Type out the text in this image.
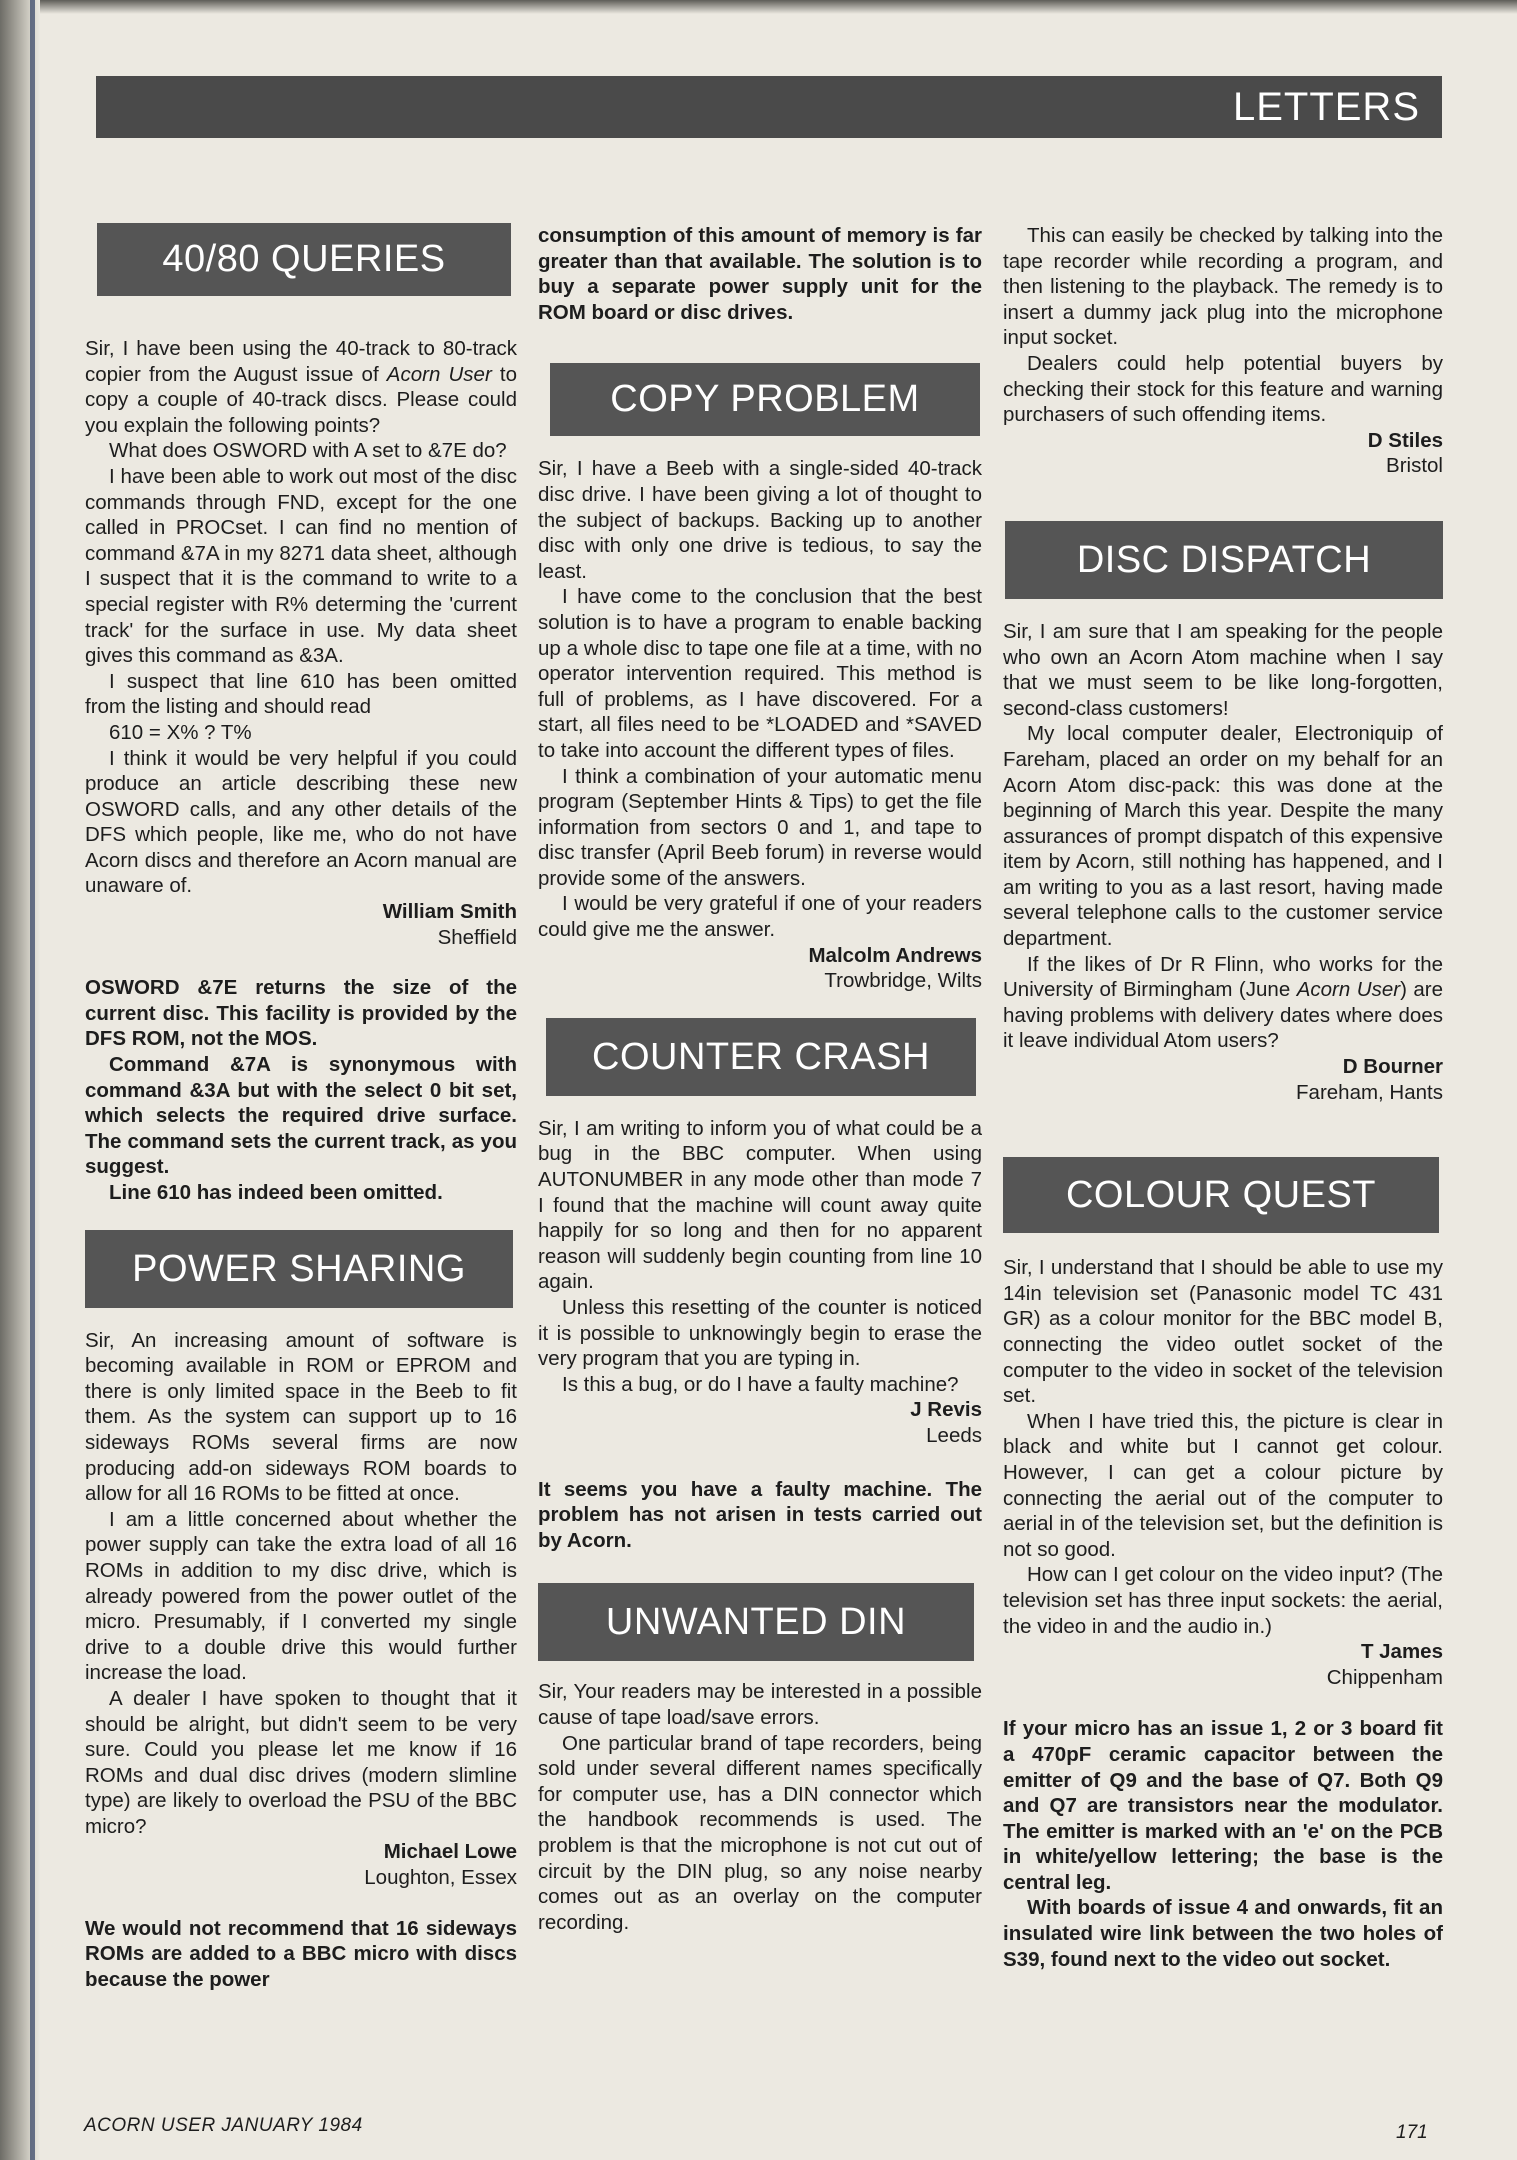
LETTERS
40/80 QUERIES

Sir, I have been using the 40-track to 80-track copier from the August issue of Acorn User to copy a couple of 40-track discs. Please could you explain the following points?

What does OSWORD with A set to &7E do?

I have been able to work out most of the disc commands through FND, except for the one called in PROCset. I can find no mention of command &7A in my 8271 data sheet, although I suspect that it is the command to write to a special register with R% determing the 'current track' for the surface in use. My data sheet gives this command as &3A.

I suspect that line 610 has been omitted from the listing and should read

610 = X% ? T%

I think it would be very helpful if you could produce an article describing these new OSWORD calls, and any other details of the DFS which people, like me, who do not have Acorn discs and therefore an Acorn manual are unaware of.

William Smith
Sheffield

OSWORD &7E returns the size of the current disc. This facility is provided by the DFS ROM, not the MOS.

Command &7A is synonymous with command &3A but with the select 0 bit set, which selects the required drive surface. The command sets the current track, as you suggest.

Line 610 has indeed been omitted.

POWER SHARING

Sir, An increasing amount of software is becoming available in ROM or EPROM and there is only limited space in the Beeb to fit them. As the system can support up to 16 sideways ROMs several firms are now producing add-on sideways ROM boards to allow for all 16 ROMs to be fitted at once.

I am a little concerned about whether the power supply can take the extra load of all 16 ROMs in addition to my disc drive, which is already powered from the power outlet of the micro. Presumably, if I converted my single drive to a double drive this would further increase the load.

A dealer I have spoken to thought that it should be alright, but didn't seem to be very sure. Could you please let me know if 16 ROMs and dual disc drives (modern slimline type) are likely to overload the PSU of the BBC micro?

Michael Lowe
Loughton, Essex

We would not recommend that 16 sideways ROMs are added to a BBC micro with discs because the power

consumption of this amount of memory is far greater than that available. The solution is to buy a separate power supply unit for the ROM board or disc drives.

COPY PROBLEM

Sir, I have a Beeb with a single-sided 40-track disc drive. I have been giving a lot of thought to the subject of backups. Backing up to another disc with only one drive is tedious, to say the least.

I have come to the conclusion that the best solution is to have a program to enable backing up a whole disc to tape one file at a time, with no operator intervention required. This method is full of problems, as I have discovered. For a start, all files need to be *LOADED and *SAVED to take into account the different types of files.

I think a combination of your automatic menu program (September Hints & Tips) to get the file information from sectors 0 and 1, and tape to disc transfer (April Beeb forum) in reverse would provide some of the answers.

I would be very grateful if one of your readers could give me the answer.

Malcolm Andrews
Trowbridge, Wilts
COUNTER CRASH

Sir, I am writing to inform you of what could be a bug in the BBC computer. When using AUTONUMBER in any mode other than mode 7 I found that the machine will count away quite happily for so long and then for no apparent reason will suddenly begin counting from line 10 again.

Unless this resetting of the counter is noticed it is possible to unknowingly begin to erase the very program that you are typing in.

Is this a bug, or do I have a faulty machine?

J Revis
Leeds

It seems you have a faulty machine. The problem has not arisen in tests carried out by Acorn.

UNWANTED DIN

Sir, Your readers may be interested in a possible cause of tape load/save errors.

One particular brand of tape recorders, being sold under several different names specifically for computer use, has a DIN connector which the handbook recommends is used. The problem is that the microphone is not cut out of circuit by the DIN plug, so any noise nearby comes out as an overlay on the computer recording.

This can easily be checked by talking into the tape recorder while recording a program, and then listening to the playback. The remedy is to insert a dummy jack plug into the microphone input socket.

Dealers could help potential buyers by checking their stock for this feature and warning purchasers of such offending items.

D Stiles
Bristol
DISC DISPATCH

Sir, I am sure that I am speaking for the people who own an Acorn Atom machine when I say that we must seem to be like long-forgotten, second-class customers!

My local computer dealer, Electroniquip of Fareham, placed an order on my behalf for an Acorn Atom disc-pack: this was done at the beginning of March this year. Despite the many assurances of prompt dispatch of this expensive item by Acorn, still nothing has happened, and I am writing to you as a last resort, having made several telephone calls to the customer service department.

If the likes of Dr R Flinn, who works for the University of Birmingham (June Acorn User) are having problems with delivery dates where does it leave individual Atom users?

D Bourner
Fareham, Hants
COLOUR QUEST

Sir, I understand that I should be able to use my 14in television set (Panasonic model TC 431 GR) as a colour monitor for the BBC model B, connecting the video outlet socket of the computer to the video in socket of the television set.

When I have tried this, the picture is clear in black and white but I cannot get colour. However, I can get a colour picture by connecting the aerial out of the computer to aerial in of the television set, but the definition is not so good.

How can I get colour on the video input? (The television set has three input sockets: the aerial, the video in and the audio in.)

T James
Chippenham

If your micro has an issue 1, 2 or 3 board fit a 470pF ceramic capacitor between the emitter of Q9 and the base of Q7. Both Q9 and Q7 are transistors near the modulator. The emitter is marked with an 'e' on the PCB in white/yellow lettering; the base is the central leg.

With boards of issue 4 and onwards, fit an insulated wire link between the two holes of S39, found next to the video out socket.

ACORN USER JANUARY 1984	171
